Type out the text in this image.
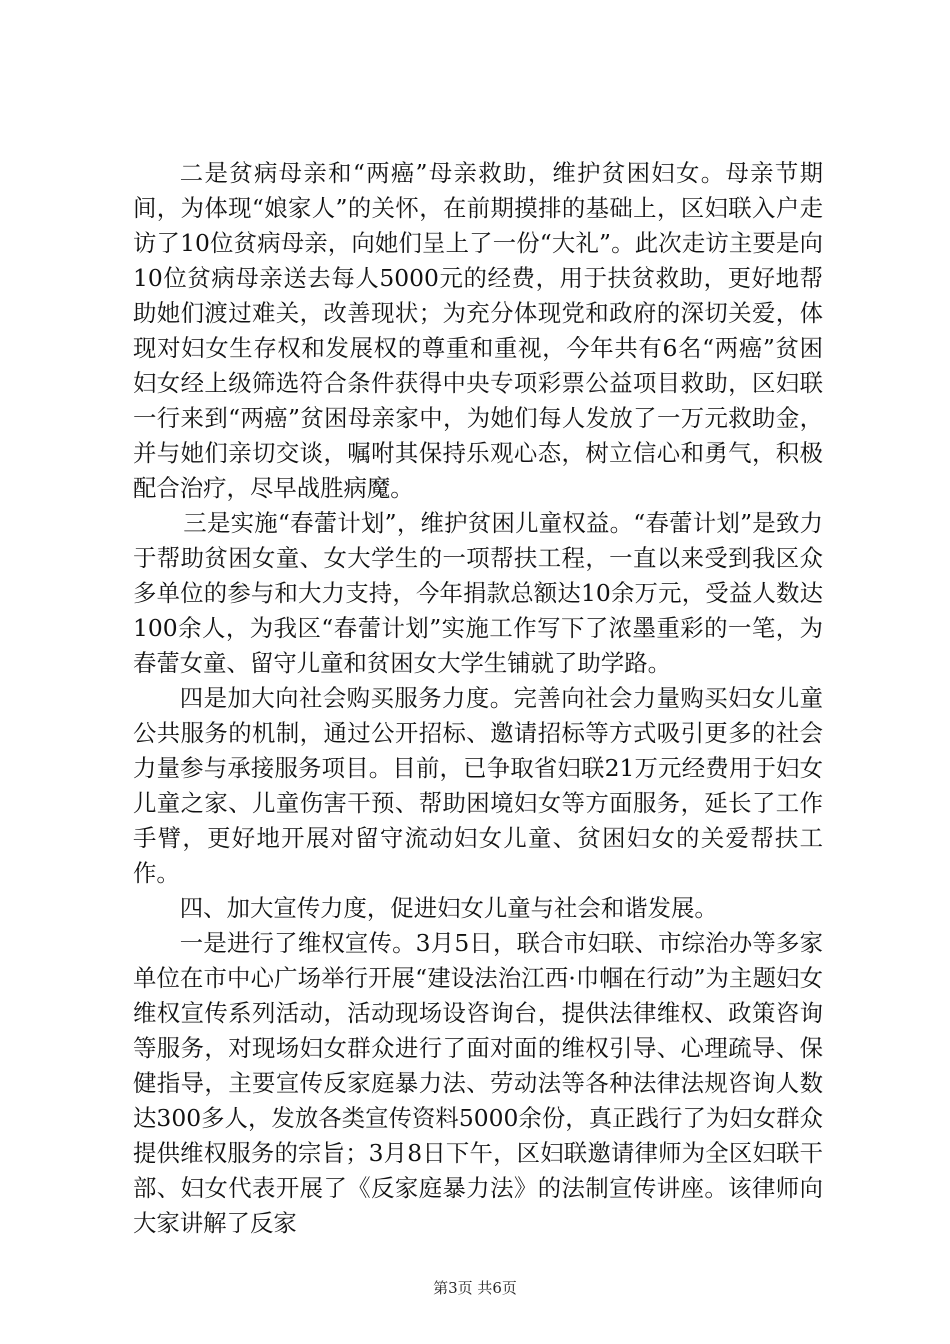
二是贫病母亲和“两癌”母亲救助，维护贫困妇女。母亲节期间，为体现“娘家人”的关怀，在前期摸排的基础上，区妇联入户走访了10位贫病母亲，向她们呈上了一份“大礼”。此次走访主要是向10位贫病母亲送去每人5000元的经费，用于扶贫救助，更好地帮助她们渡过难关，改善现状；为充分体现党和政府的深切关爱，体现对妇女生存权和发展权的尊重和重视，今年共有6名“两癌”贫困妇女经上级筛选符合条件获得中央专项彩票公益项目救助，区妇联一行来到“两癌”贫困母亲家中，为她们每人发放了一万元救助金，并与她们亲切交谈，嘱咐其保持乐观心态，树立信心和勇气，积极配合治疗，尽早战胜病魔。

三是实施“春蕾计划”，维护贫困儿童权益。“春蕾计划”是致力于帮助贫困女童、女大学生的一项帮扶工程，一直以来受到我区众多单位的参与和大力支持，今年捐款总额达10余万元，受益人数达100余人，为我区“春蕾计划”实施工作写下了浓墨重彩的一笔，为春蕾女童、留守儿童和贫困女大学生铺就了助学路。

四是加大向社会购买服务力度。完善向社会力量购买妇女儿童公共服务的机制，通过公开招标、邀请招标等方式吸引更多的社会力量参与承接服务项目。目前，已争取省妇联21万元经费用于妇女儿童之家、儿童伤害干预、帮助困境妇女等方面服务，延长了工作手臂，更好地开展对留守流动妇女儿童、贫困妇女的关爱帮扶工作。

四、加大宣传力度，促进妇女儿童与社会和谐发展。

一是进行了维权宣传。3月5日，联合市妇联、市综治办等多家单位在市中心广场举行开展“建设法治江西·巾帼在行动”为主题妇女维权宣传系列活动，活动现场设咨询台，提供法律维权、政策咨询等服务，对现场妇女群众进行了面对面的维权引导、心理疏导、保健指导，主要宣传反家庭暴力法、劳动法等各种法律法规咨询人数达300多人，发放各类宣传资料5000余份，真正践行了为妇女群众提供维权服务的宗旨；3月8日下午，区妇联邀请律师为全区妇联干部、妇女代表开展了《反家庭暴力法》的法制宣传讲座。该律师向大家讲解了反家

第3页 共6页
